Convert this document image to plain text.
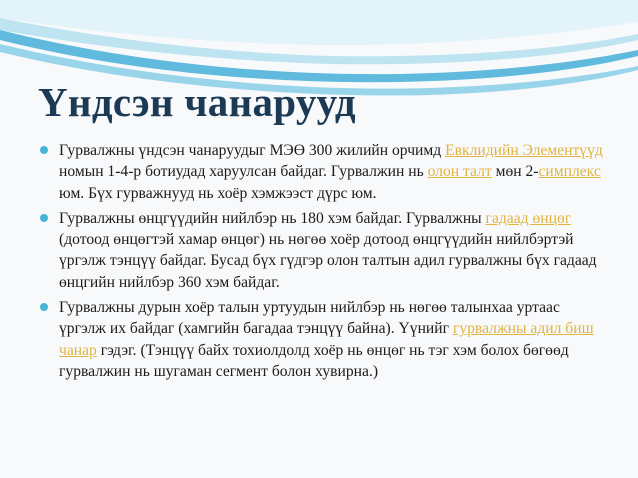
Үндсэн чанарууд
Гурвалжны үндсэн чанаруудыг МЭӨ 300 жилийн орчимд Евклидийн Элементүүд номын 1-4-р ботиудад харуулсан байдаг. Гурвалжин нь олон талт мөн 2-симплекс юм. Бүх гурважнууд нь хоёр хэмжээст дүрс юм.
Гурвалжны өнцгүүдийн нийлбэр нь 180 хэм байдаг. Гурвалжны гадаад өнцөг (дотоод өнцөгтэй хамар өнцөг) нь нөгөө хоёр дотоод өнцгүүдийн нийлбэртэй үргэлж тэнцүү байдаг. Бусад бүх гүдгэр олон талтын адил гурвалжны бүх гадаад өнцгийн нийлбэр 360 хэм байдаг.
Гурвалжны дурын хоёр талын уртуудын нийлбэр нь нөгөө талынхаа уртаас үргэлж их байдаг (хамгийн багадаа тэнцүү байна). Үүнийг гурвалжны адил биш чанар гэдэг. (Тэнцүү байх тохиолдолд хоёр нь өнцөг нь тэг хэм болох бөгөөд гурвалжин нь шугаман сегмент болон хувирна.)
